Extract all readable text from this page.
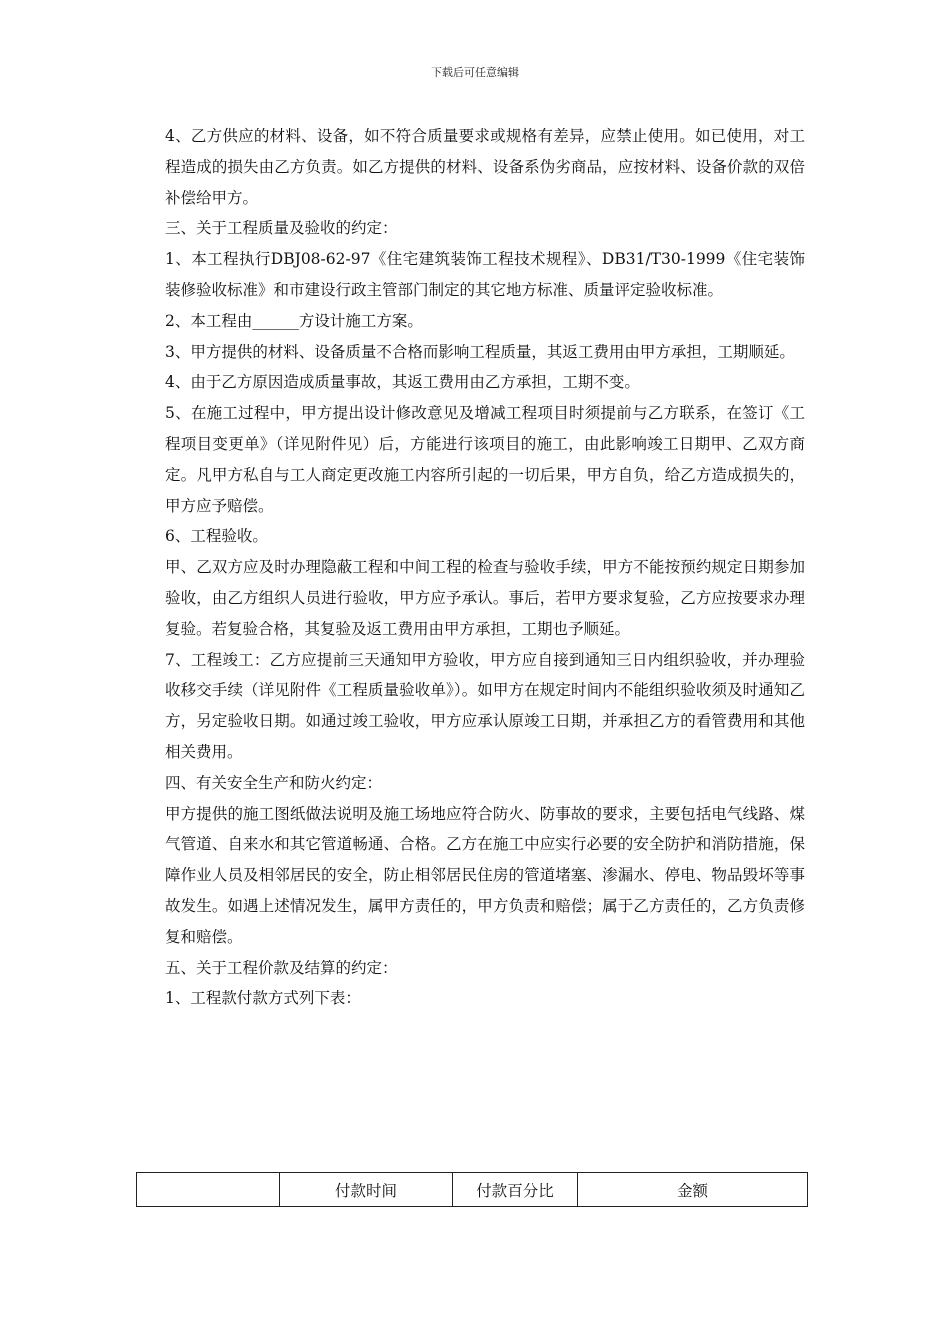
下载后可任意编辑

4、乙方供应的材料、设备，如不符合质量要求或规格有差异，应禁止使用。如已使用，对工程造成的损失由乙方负责。如乙方提供的材料、设备系伪劣商品，应按材料、设备价款的双倍补偿给甲方。

三、关于工程质量及验收的约定：

1、本工程执行DBJ08-62-97《住宅建筑装饰工程技术规程》、DB31/T30-1999《住宅装饰装修验收标准》和市建设行政主管部门制定的其它地方标准、质量评定验收标准。

2、本工程由______方设计施工方案。

3、甲方提供的材料、设备质量不合格而影响工程质量，其返工费用由甲方承担，工期顺延。

4、由于乙方原因造成质量事故，其返工费用由乙方承担，工期不变。

5、在施工过程中，甲方提出设计修改意见及增减工程项目时须提前与乙方联系，在签订《工程项目变更单》（详见附件见）后，方能进行该项目的施工，由此影响竣工日期甲、乙双方商定。凡甲方私自与工人商定更改施工内容所引起的一切后果，甲方自负，给乙方造成损失的，甲方应予赔偿。

6、工程验收。

甲、乙双方应及时办理隐蔽工程和中间工程的检查与验收手续，甲方不能按预约规定日期参加验收，由乙方组织人员进行验收，甲方应予承认。事后，若甲方要求复验，乙方应按要求办理复验。若复验合格，其复验及返工费用由甲方承担，工期也予顺延。

7、工程竣工：乙方应提前三天通知甲方验收，甲方应自接到通知三日内组织验收，并办理验收移交手续（详见附件《工程质量验收单》）。如甲方在规定时间内不能组织验收须及时通知乙方，另定验收日期。如通过竣工验收，甲方应承认原竣工日期，并承担乙方的看管费用和其他相关费用。

四、有关安全生产和防火约定：

甲方提供的施工图纸做法说明及施工场地应符合防火、防事故的要求，主要包括电气线路、煤气管道、自来水和其它管道畅通、合格。乙方在施工中应实行必要的安全防护和消防措施，保障作业人员及相邻居民的安全，防止相邻居民住房的管道堵塞、渗漏水、停电、物品毁坏等事故发生。如遇上述情况发生，属甲方责任的，甲方负责和赔偿；属于乙方责任的，乙方负责修复和赔偿。

五、关于工程价款及结算的约定：

1、工程款付款方式列下表：

	付款时间	付款百分比	金额
